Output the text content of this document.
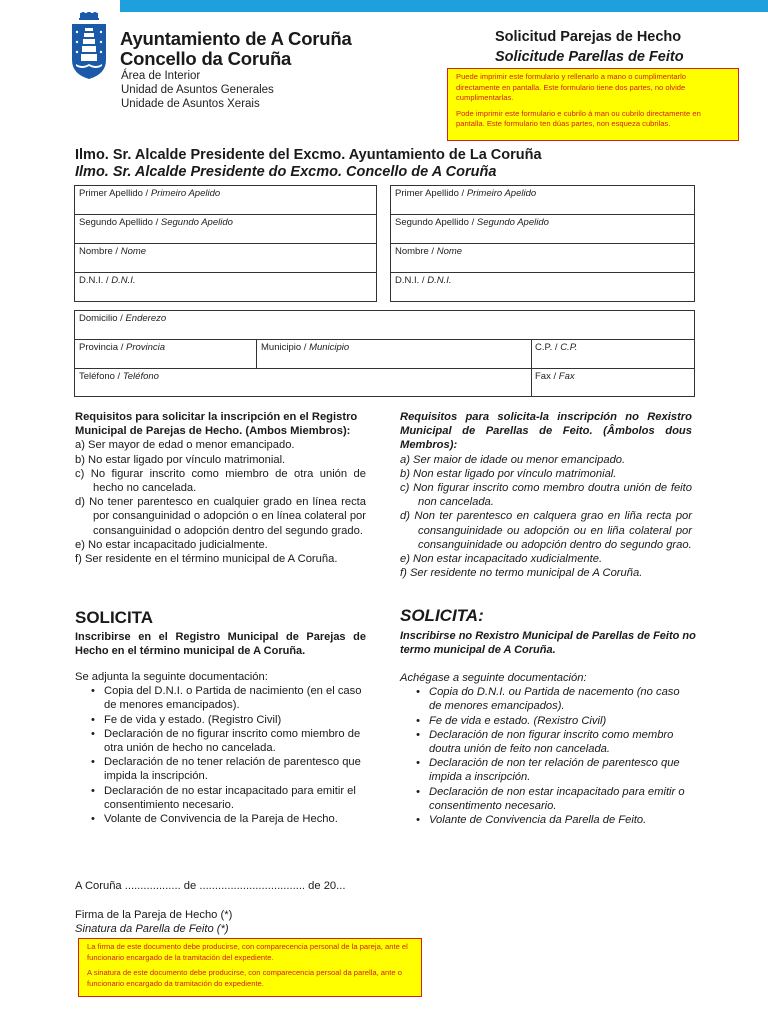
Ayuntamiento de A Coruña
Concello da Coruña
Área de Interior
Unidad de Asuntos Generales
Unidade de Asuntos Xerais
Solicitud Parejas de Hecho
Solicitude Parellas de Feito

Puede imprimir este formulario y rellenarlo a mano o cumplimentarlo directamente en pantalla. Este formulario tiene dos partes, no olvide cumplimentarlas.

Pode imprimir este formulario e cubrilo á man ou cubrilo directamente en pantalla. Este formulario ten dúas partes, non esqueza cubrilas.

Ilmo. Sr. Alcalde Presidente del Excmo. Ayuntamiento de La Coruña
Ilmo. Sr. Alcalde Presidente do Excmo. Concello de A Coruña
Primer Apellido / Primeiro Apelido
Segundo Apellido / Segundo Apelido
Nombre / Nome
D.N.I. / D.N.I.
Primer Apellido / Primeiro Apelido
Segundo Apellido / Segundo Apelido
Nombre / Nome
D.N.I. / D.N.I.
Domicilio / Enderezo
Provincia / Provincia	Municipio / Municipio	C.P. / C.P.
Teléfono / Teléfono	Fax / Fax
Requisitos para solicitar la inscripción en el Registro Municipal de Parejas de Hecho. (Ambos Miembros):
a) Ser mayor de edad o menor emancipado.
b) No estar ligado por vínculo matrimonial.
c) No figurar inscrito como miembro de otra unión de hecho no cancelada.
d) No tener parentesco en cualquier grado en línea recta por consanguinidad o adopción o en línea colateral por consanguinidad o adopción dentro del segundo grado.
e) No estar incapacitado judicialmente.
f) Ser residente en el término municipal de A Coruña.
Requisitos para solicita-la inscripción no Rexistro Municipal de Parellas de Feito. (Âmbolos dous Membros):
a) Ser maior de idade ou menor emancipado.
b) Non estar ligado por vínculo matrimonial.
c) Non figurar inscrito como membro doutra unión de feito non cancelada.
d) Non ter parentesco en calquera grao en liña recta por consanguinidade ou adopción ou en liña colateral por consanguinidade ou adopción dentro do segundo grao.
e) Non estar incapacitado xudicialmente.
f) Ser residente no termo municipal de A Coruña.
SOLICITA
Inscribirse en el Registro Municipal de Parejas de Hecho en el término municipal de A Coruña.
Se adjunta la seguinte documentación:
• Copia del D.N.I. o Partida de nacimiento (en el caso de menores emancipados).
• Fe de vida y estado. (Registro Civil)
• Declaración de no figurar inscrito como miembro de otra unión de hecho no cancelada.
• Declaración de no tener relación de parentesco que impida la inscripción.
• Declaración de no estar incapacitado para emitir el consentimiento necesario.
• Volante de Convivencia de la Pareja de Hecho.
SOLICITA:
Inscribirse no Rexistro Municipal de Parellas de Feito no termo municipal de A Coruña.
Achégase a seguinte documentación:
• Copia do D.N.I. ou Partida de nacemento (no caso de menores emancipados).
• Fe de vida e estado. (Rexistro Civil)
• Declaración de non figurar inscrito como membro doutra unión de feito non cancelada.
• Declaración de non ter relación de parentesco que impida a inscripción.
• Declaración de non estar incapacitado para emitir o consentimento necesario.
• Volante de Convivencia da Parella de Feito.
A Coruña .................. de .................................. de 20...
Firma de la Pareja de Hecho (*)
Sinatura da Parella de Feito (*)

La firma de este documento debe producirse, con comparecencia personal de la pareja, ante el funcionario encargado de la tramitación del expediente.

A sinatura de este documento debe producirse, con comparecencia persoal da parella, ante o funcionario encargado da tramitación do expediente.
